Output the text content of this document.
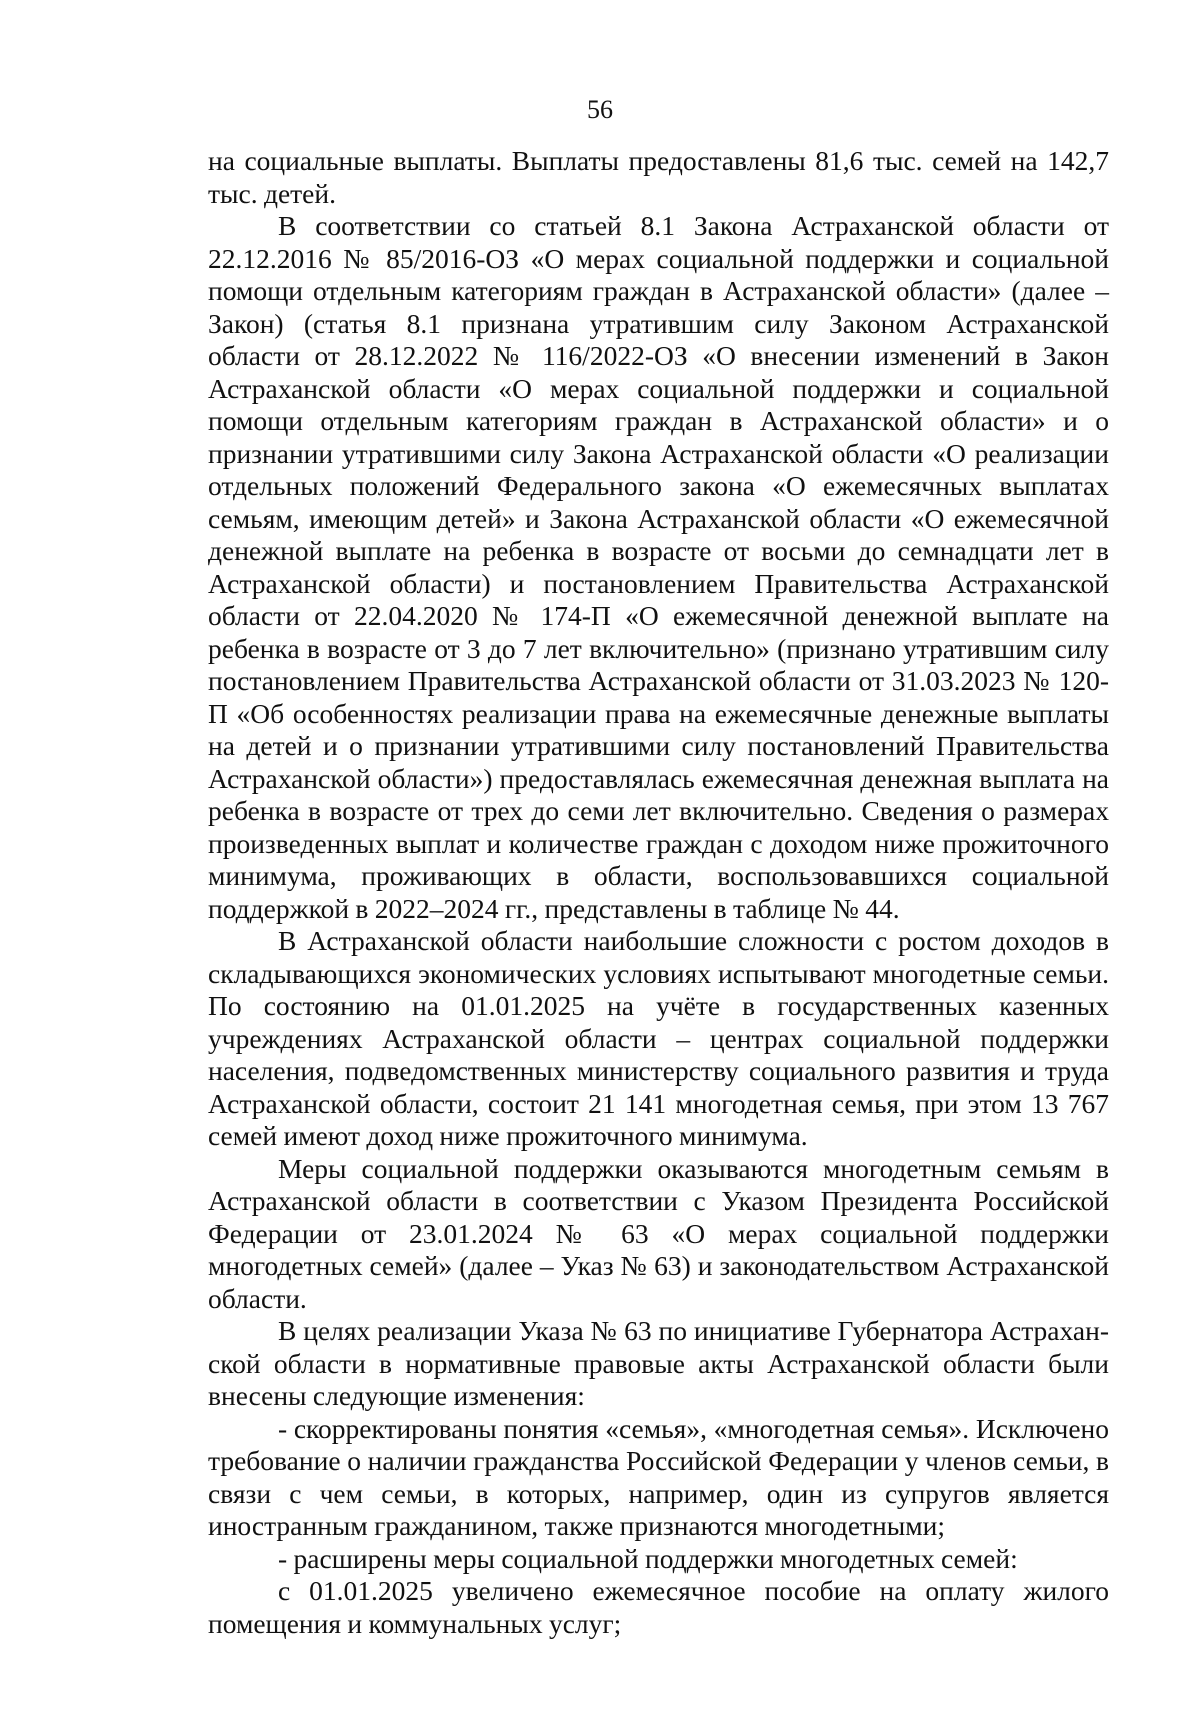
56

на социальные выплаты. Выплаты предоставлены 81,6 тыс. семей на 142,7 тыс. детей.

В соответствии со статьей 8.1 Закона Астраханской области от 22.12.2016 № 85/2016-ОЗ «О мерах социальной поддержки и социальной помощи отдельным категориям граждан в Астраханской области» (далее – Закон) (статья 8.1 признана утратившим силу Законом Астраханской области от 28.12.2022 № 116/2022-ОЗ «О внесении изменений в Закон Астраханской области «О мерах социальной поддержки и социальной помощи отдельным категориям граждан в Астраханской области» и о признании утратившими силу Закона Астраханской области «О реализации отдельных положений Федерального закона «О ежемесячных выплатах семьям, имеющим детей» и Закона Астраханской области «О ежемесячной денежной выплате на ребенка в возрасте от восьми до семнадцати лет в Астраханской области) и постановлением Правительства Астраханской области от 22.04.2020 № 174-П «О ежемесячной денежной выплате на ребенка в возрасте от 3 до 7 лет включительно» (признано утратившим силу постановлением Правительства Астраханской области от 31.03.2023 № 120-П «Об особенностях реализации права на ежемесячные денежные выплаты на детей и о признании утратившими силу постановлений Правительства Астраханской области») предоставлялась ежемесячная денежная выплата на ребенка в возрасте от трех до семи лет включительно. Сведения о размерах произведенных выплат и количестве граждан с доходом ниже прожиточного минимума, проживающих в области, воспользовавшихся социальной поддержкой в 2022–2024 гг., представлены в таблице № 44.

В Астраханской области наибольшие сложности с ростом доходов в складывающихся экономических условиях испытывают многодетные семьи. По состоянию на 01.01.2025 на учёте в государственных казенных учреждениях Астраханской области – центрах социальной поддержки населения, подведомственных министерству социального развития и труда Астраханской области, состоит 21 141 многодетная семья, при этом 13 767 семей имеют доход ниже прожиточного минимума.

Меры социальной поддержки оказываются многодетным семьям в Астраханской области в соответствии с Указом Президента Российской Федерации от 23.01.2024 № 63 «О мерах социальной поддержки многодетных семей» (далее – Указ № 63) и законодательством Астраханской области.

В целях реализации Указа № 63 по инициативе Губернатора Астраханской области в нормативные правовые акты Астраханской области были внесены следующие изменения:

- скорректированы понятия «семья», «многодетная семья». Исключено требование о наличии гражданства Российской Федерации у членов семьи, в связи с чем семьи, в которых, например, один из супругов является иностранным гражданином, также признаются многодетными;

- расширены меры социальной поддержки многодетных семей:

с 01.01.2025 увеличено ежемесячное пособие на оплату жилого помещения и коммунальных услуг;
